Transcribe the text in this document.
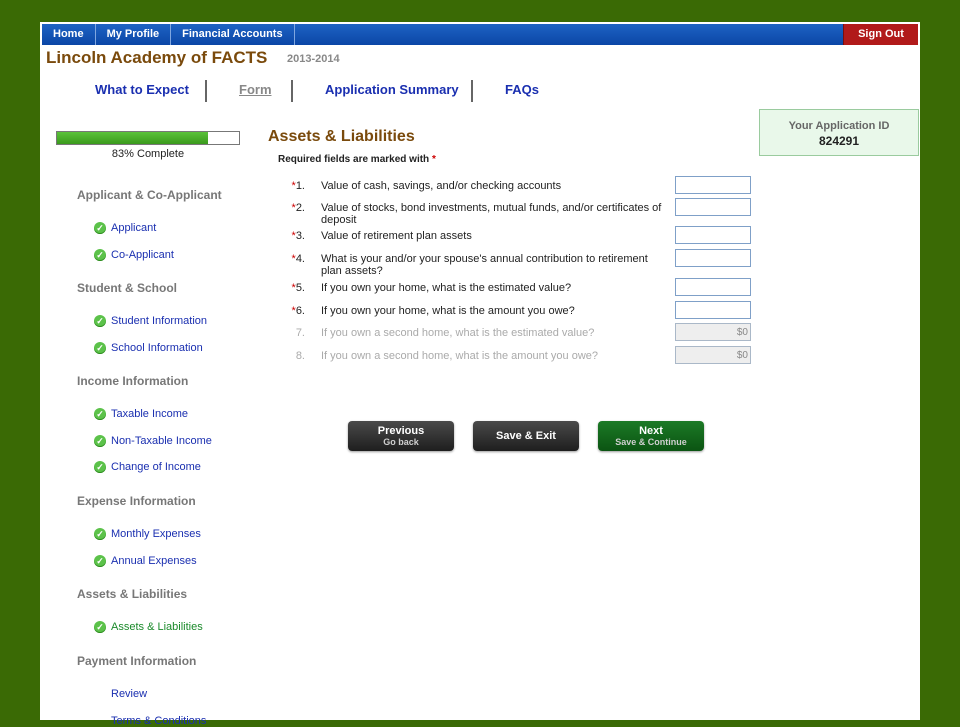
Home	My Profile	Financial Accounts	Sign Out
Lincoln Academy of FACTS 2013-2014
What to Expect	Form	Application Summary	FAQs
Your Application ID
824291
83% Complete
Applicant & Co-Applicant
✓ Applicant
✓ Co-Applicant
Student & School
✓ Student Information
✓ School Information
Income Information
✓ Taxable Income
✓ Non-Taxable Income
✓ Change of Income
Expense Information
✓ Monthly Expenses
✓ Annual Expenses
Assets & Liabilities
✓ Assets & Liabilities
Payment Information
Review
Terms & Conditions
Assets & Liabilities
Required fields are marked with *
*1. Value of cash, savings, and/or checking accounts
*2. Value of stocks, bond investments, mutual funds, and/or certificates of deposit
*3. Value of retirement plan assets
*4. What is your and/or your spouse's annual contribution to retirement plan assets?
*5. If you own your home, what is the estimated value?
*6. If you own your home, what is the amount you owe?
7. If you own a second home, what is the estimated value?
$0
8. If you own a second home, what is the amount you owe?
$0
Previous
Go back	Save & Exit	Next
Save & Continue
